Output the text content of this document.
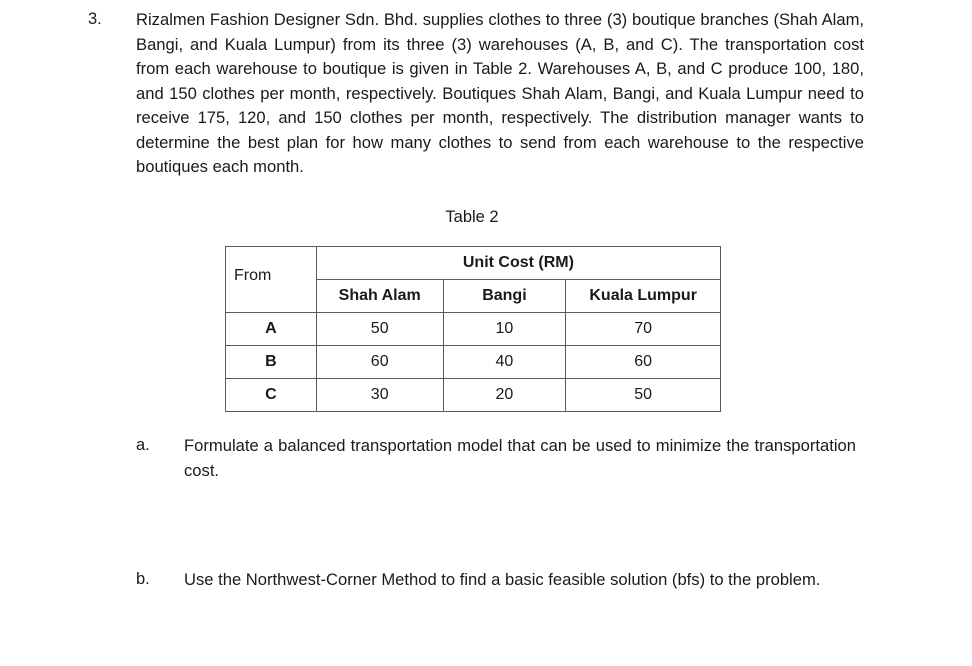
3. Rizalmen Fashion Designer Sdn. Bhd. supplies clothes to three (3) boutique branches (Shah Alam, Bangi, and Kuala Lumpur) from its three (3) warehouses (A, B, and C). The transportation cost from each warehouse to boutique is given in Table 2. Warehouses A, B, and C produce 100, 180, and 150 clothes per month, respectively. Boutiques Shah Alam, Bangi, and Kuala Lumpur need to receive 175, 120, and 150 clothes per month, respectively. The distribution manager wants to determine the best plan for how many clothes to send from each warehouse to the respective boutiques each month.
Table 2
From	Unit Cost (RM)		
	Shah Alam	Bangi	Kuala Lumpur
A	50	10	70
B	60	40	60
C	30	20	50
a. Formulate a balanced transportation model that can be used to minimize the transportation cost.
b. Use the Northwest-Corner Method to find a basic feasible solution (bfs) to the problem.
